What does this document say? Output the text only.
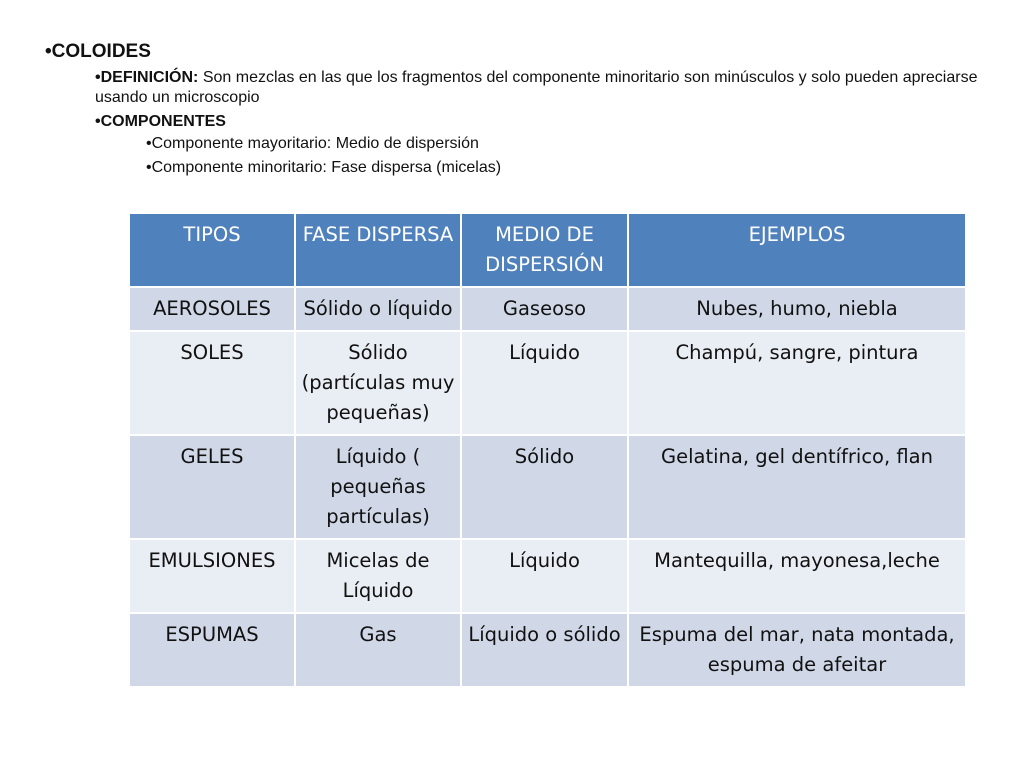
•COLOIDES
•DEFINICIÓN: Son mezclas en las que los fragmentos del componente minoritario son minúsculos y solo pueden apreciarse usando un microscopio
•COMPONENTES
•Componente mayoritario: Medio de dispersión
•Componente minoritario: Fase dispersa (micelas)
TIPOS	FASE DISPERSA	MEDIO DE DISPERSIÓN	EJEMPLOS
AEROSOLES	Sólido o líquido	Gaseoso	Nubes, humo, niebla
SOLES	Sólido (partículas muy pequeñas)	Líquido	Champú, sangre, pintura
GELES	Líquido ( pequeñas partículas)	Sólido	Gelatina, gel dentífrico, flan
EMULSIONES	Micelas de Líquido	Líquido	Mantequilla, mayonesa,leche
ESPUMAS	Gas	Líquido o sólido	Espuma del mar, nata montada, espuma de afeitar
